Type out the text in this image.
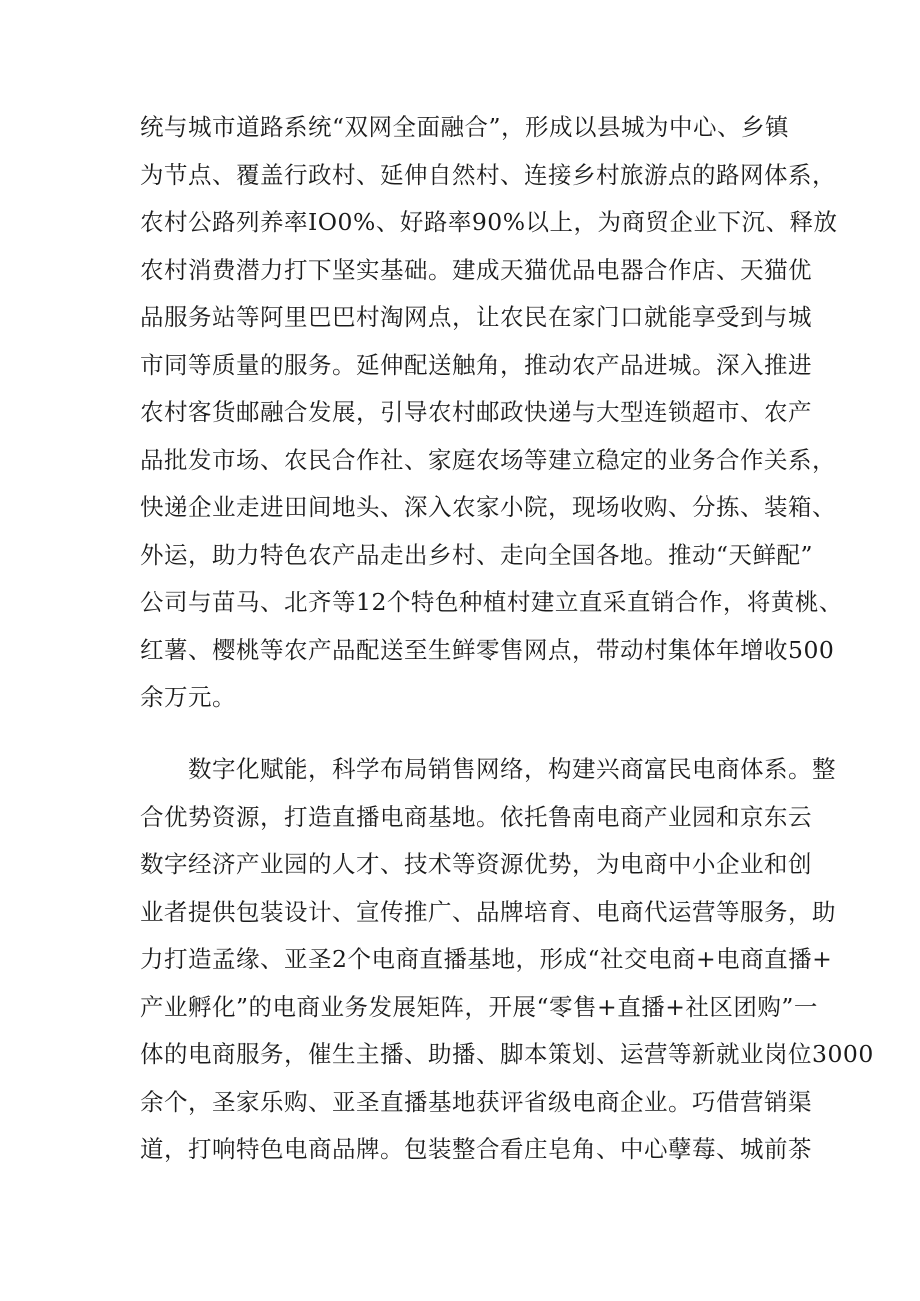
统与城市道路系统“双网全面融合”，形成以县城为中心、乡镇
为节点、覆盖行政村、延伸自然村、连接乡村旅游点的路网体系，
农村公路列养率IO0%、好路率90%以上，为商贸企业下沉、释放
农村消费潜力打下坚实基础。建成天猫优品电器合作店、天猫优
品服务站等阿里巴巴村淘网点，让农民在家门口就能享受到与城
市同等质量的服务。延伸配送触角，推动农产品进城。深入推进
农村客货邮融合发展，引导农村邮政快递与大型连锁超市、农产
品批发市场、农民合作社、家庭农场等建立稳定的业务合作关系，
快递企业走进田间地头、深入农家小院，现场收购、分拣、装箱、
外运，助力特色农产品走出乡村、走向全国各地。推动“天鲜配”
公司与苗马、北齐等12个特色种植村建立直采直销合作，将黄桃、
红薯、樱桃等农产品配送至生鲜零售网点，带动村集体年增收500
余万元。
　　数字化赋能，科学布局销售网络，构建兴商富民电商体系。整
合优势资源，打造直播电商基地。依托鲁南电商产业园和京东云
数字经济产业园的人才、技术等资源优势，为电商中小企业和创
业者提供包装设计、宣传推广、品牌培育、电商代运营等服务，助
力打造孟缘、亚圣2个电商直播基地，形成“社交电商+电商直播+
产业孵化”的电商业务发展矩阵，开展“零售+直播+社区团购”一
体的电商服务，催生主播、助播、脚本策划、运营等新就业岗位3000
余个，圣家乐购、亚圣直播基地获评省级电商企业。巧借营销渠
道，打响特色电商品牌。包装整合看庄皂角、中心孽莓、城前茶
